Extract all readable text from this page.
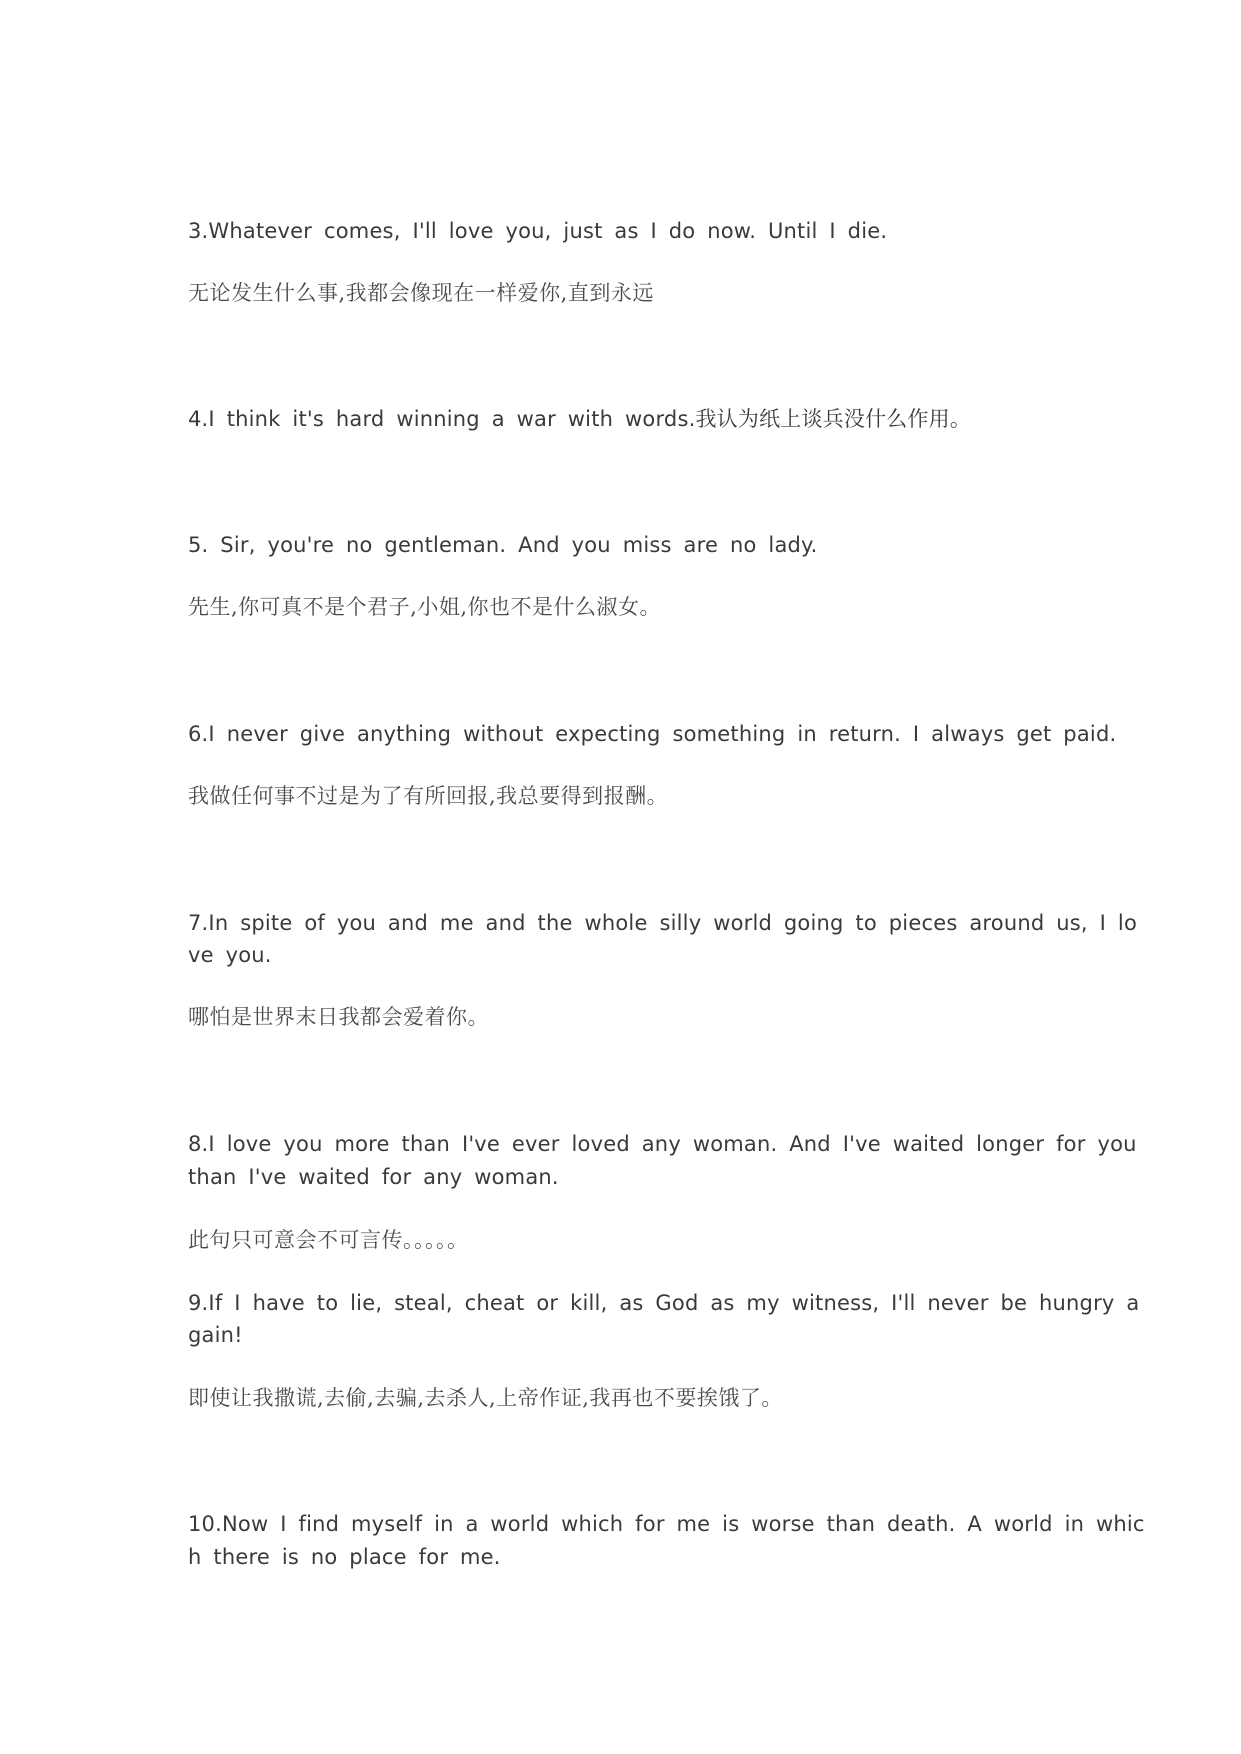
3.Whatever comes, I'll love you, just as I do now. Until I die.
无论发生什么事,我都会像现在一样爱你,直到永远
4.I think it's hard winning a war with words.我认为纸上谈兵没什么作用。
5. Sir, you're no gentleman. And you miss are no lady.
先生,你可真不是个君子,小姐,你也不是什么淑女。
6.I never give anything without expecting something in return. I always get paid.
我做任何事不过是为了有所回报,我总要得到报酬。
7.In spite of you and me and the whole silly world going to pieces around us, I lo
ve you.
哪怕是世界末日我都会爱着你。
8.I love you more than I've ever loved any woman. And I've waited longer for you
than I've waited for any woman.
此句只可意会不可言传。。。。。
9.If I have to lie, steal, cheat or kill, as God as my witness, I'll never be hungry a
gain!
即使让我撒谎,去偷,去骗,去杀人,上帝作证,我再也不要挨饿了。
10.Now I find myself in a world which for me is worse than death. A world in whic
h there is no place for me.
